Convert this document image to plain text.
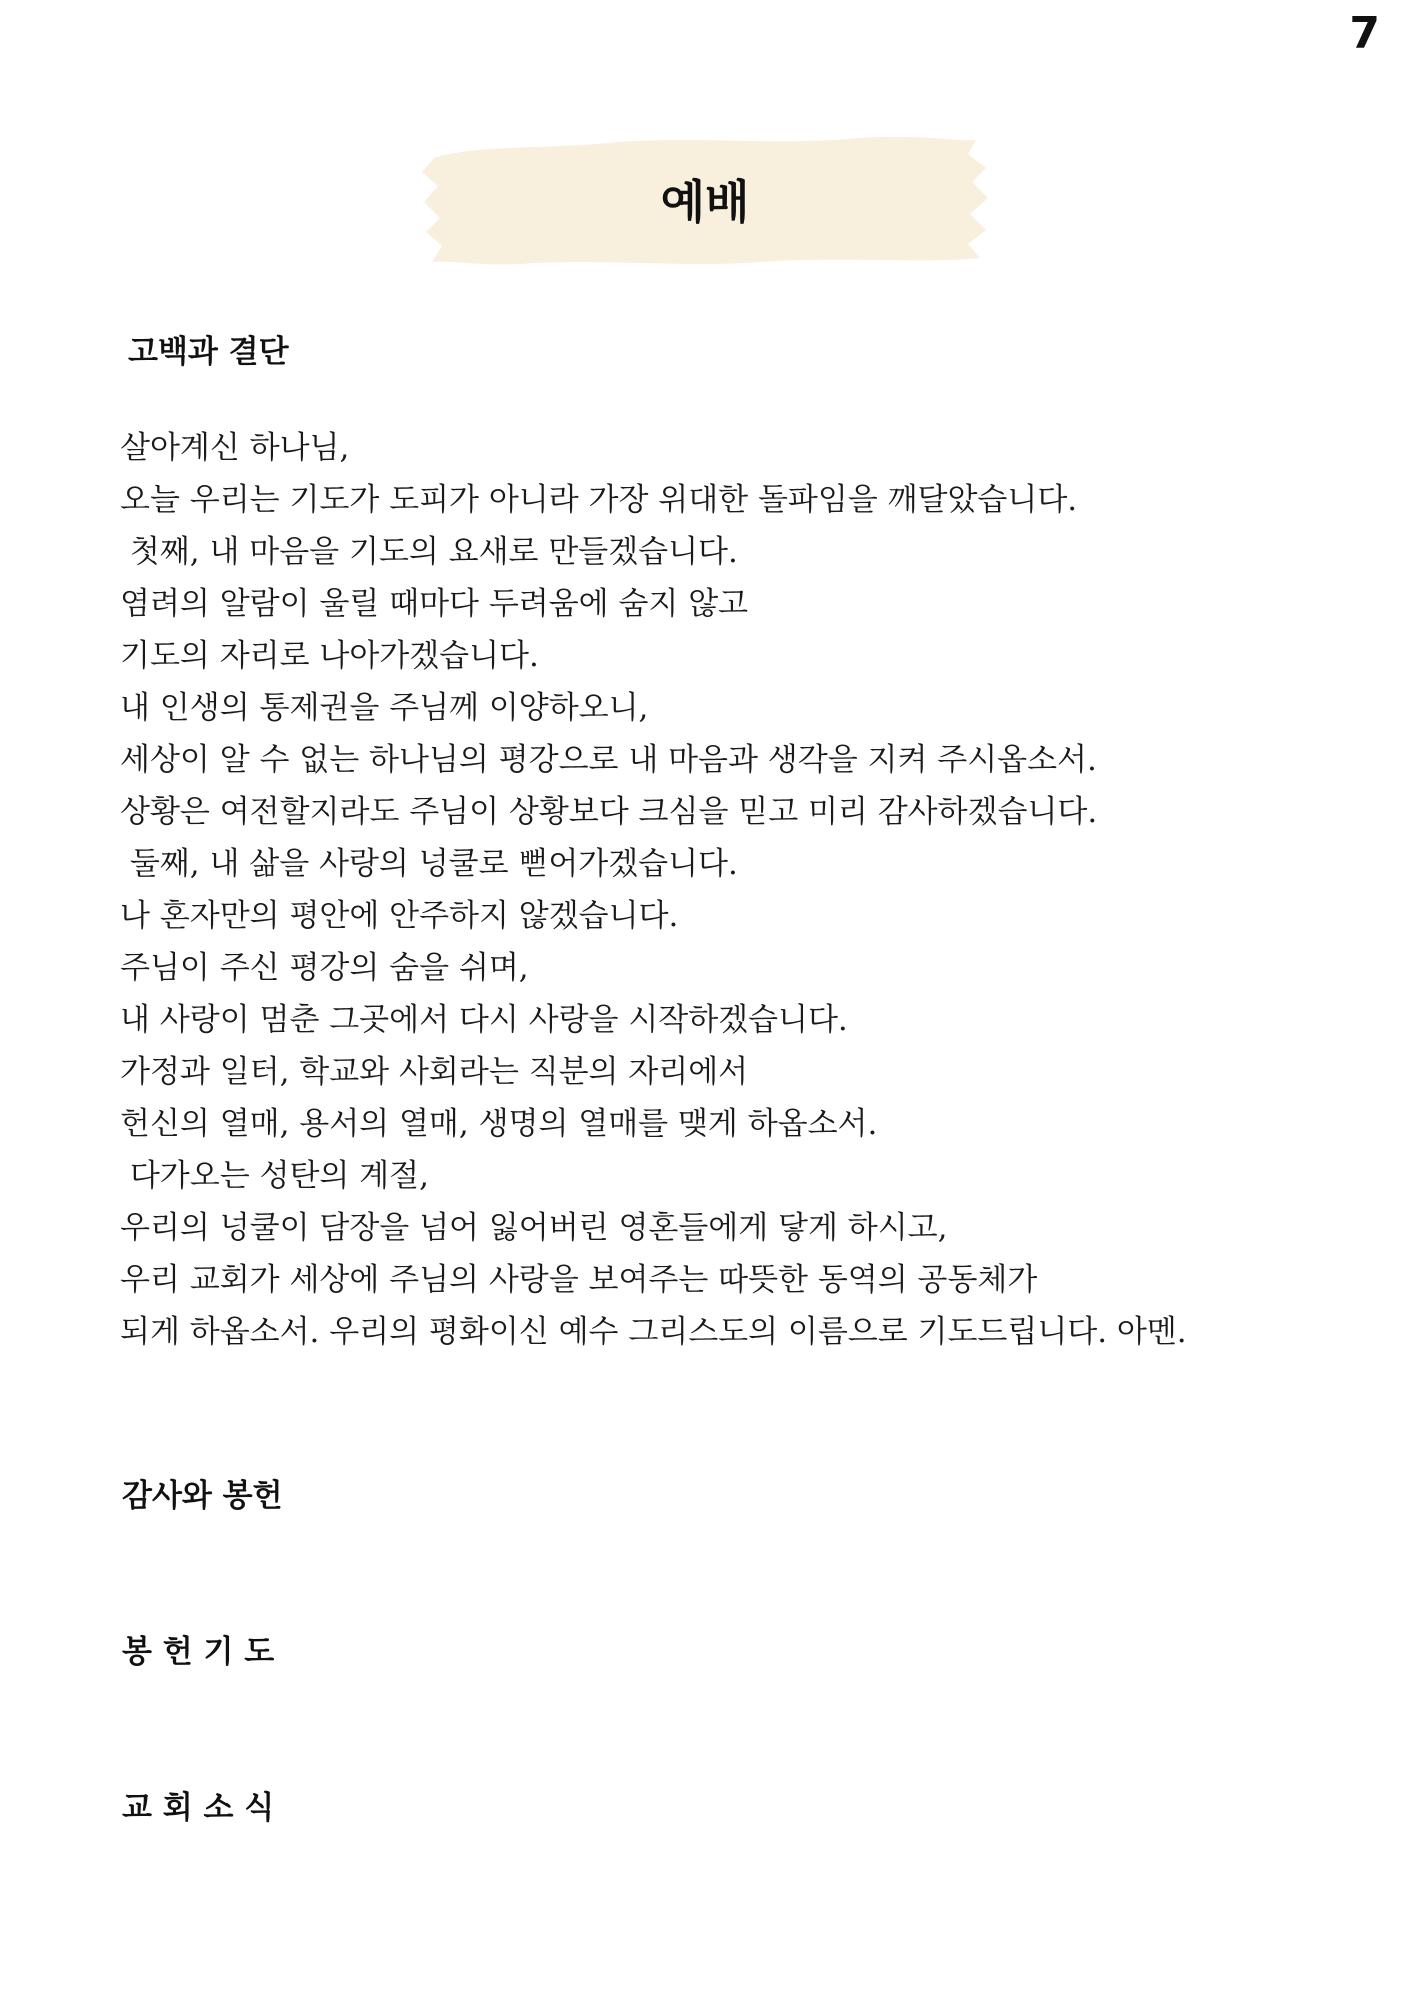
7
예배
고백과 결단
살아계신 하나님,
오늘 우리는 기도가 도피가 아니라 가장 위대한 돌파임을 깨달았습니다.
첫째, 내 마음을 기도의 요새로 만들겠습니다.
염려의 알람이 울릴 때마다 두려움에 숨지 않고
기도의 자리로 나아가겠습니다.
내 인생의 통제권을 주님께 이양하오니,
세상이 알 수 없는 하나님의 평강으로 내 마음과 생각을 지켜 주시옵소서.
상황은 여전할지라도 주님이 상황보다 크심을 믿고 미리 감사하겠습니다.
둘째, 내 삶을 사랑의 넝쿨로 뻗어가겠습니다.
나 혼자만의 평안에 안주하지 않겠습니다.
주님이 주신 평강의 숨을 쉬며,
내 사랑이 멈춘 그곳에서 다시 사랑을 시작하겠습니다.
가정과 일터, 학교와 사회라는 직분의 자리에서
헌신의 열매, 용서의 열매, 생명의 열매를 맺게 하옵소서.
다가오는 성탄의 계절,
우리의 넝쿨이 담장을 넘어 잃어버린 영혼들에게 닿게 하시고,
우리 교회가 세상에 주님의 사랑을 보여주는 따뜻한 동역의 공동체가
되게 하옵소서. 우리의 평화이신 예수 그리스도의 이름으로 기도드립니다. 아멘.
감사와 봉헌
봉 헌 기 도
교 회 소 식
